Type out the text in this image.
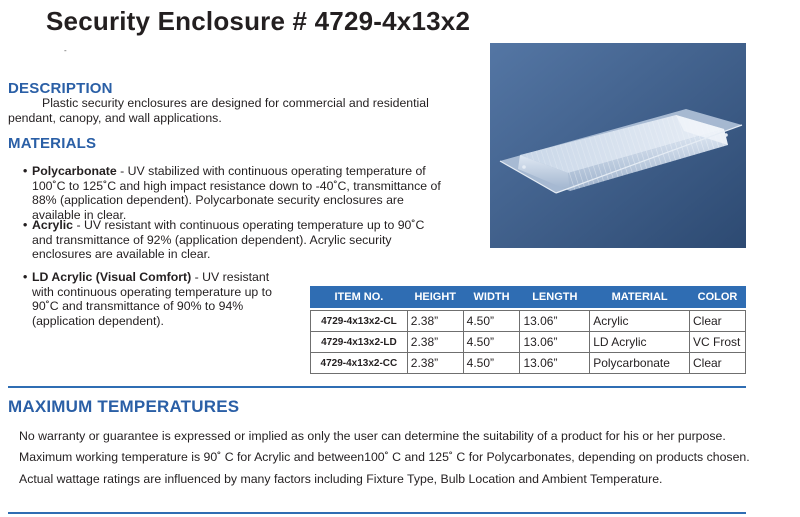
Security Enclosure # 4729-4x13x2
-
DESCRIPTION
Plastic security enclosures are designed for commercial and residential pendant, canopy, and wall applications.
MATERIALS
• Polycarbonate - UV stabilized with continuous operating temperature of 100˚C to 125˚C and high impact resistance down to -40˚C, transmittance of 88% (application dependent). Polycarbonate security enclosures are available in clear.
• Acrylic - UV resistant with continuous operating temperature up to 90˚C and transmittance of 92% (application dependent). Acrylic security enclosures are available in clear.
• LD Acrylic (Visual Comfort) - UV resistant with continuous operating temperature up to 90˚C and transmittance of 90% to 94% (application dependent).
ITEM NO.	HEIGHT	WIDTH	LENGTH	MATERIAL	COLOR

4729-4x13x2-CL	2.38”	4.50”	13.06”	Acrylic	Clear
4729-4x13x2-LD	2.38”	4.50”	13.06”	LD Acrylic	VC Frost
4729-4x13x2-CC	2.38”	4.50”	13.06”	Polycarbonate	Clear
MAXIMUM TEMPERATURES
No warranty or guarantee is expressed or implied as only the user can determine the suitability of a product for his or her purpose.
Maximum working temperature is 90˚ C for Acrylic and between100˚ C and 125˚ C for Polycarbonates, depending on products chosen.
Actual wattage ratings are influenced by many factors including Fixture Type, Bulb Location and Ambient Temperature.
